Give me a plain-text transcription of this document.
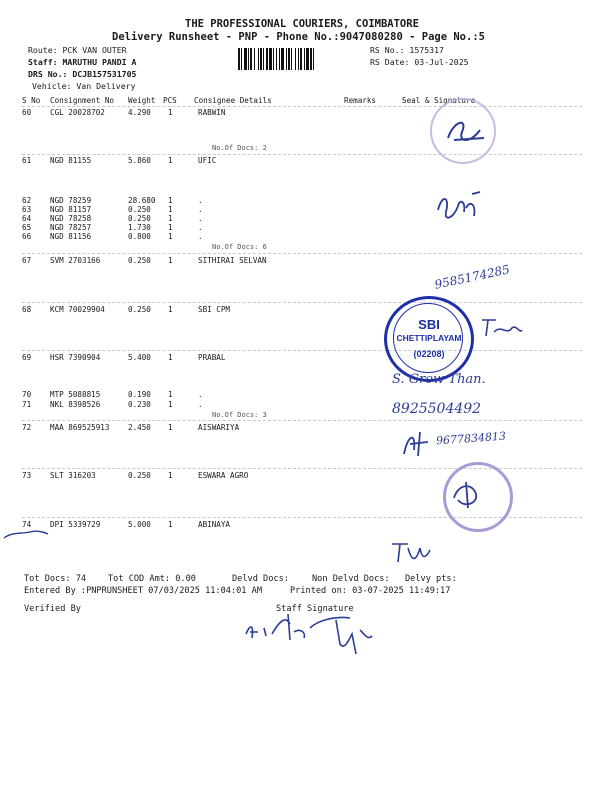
THE PROFESSIONAL COURIERS, COIMBATORE
Delivery Runsheet - PNP - Phone No.:9047080280 - Page No.:5
Route: PCK VAN OUTER
Staff: MARUTHU PANDI A
DRS No.: DCJB157531705
Vehicle: Van Delivery
RS No.: 1575317
RS Date: 03-Jul-2025
S No Consignment No Weight PCS Consignee Details	Remarks	Seal & Signature
60 CGL 20028702	4.290 1	RABWIN
61 NGD 81155	5.860 1	UFIC
62 NGD 78259	28.680 1	.
63 NGD 81157	0.250 1	.
64 NGD 78258	0.250 1	.
65 NGD 78257	1.730 1	.
66 NGD 81156	0.800 1	.
67 SVM 2703166	0.250 1	SITHIRAI SELVAN
68 KCM 70029904	0.250 1	SBI CPM
69 HSR 7390904	5.400 1	PRABAL
70 MTP 5088815	0.190 1	.
71 NKL 8398526	0.230 1	.
72 MAA 869525913 2.450 1	AISWARIYA
73 SLT 316203	0.250 1	ESWARA AGRO
74 DPI 5339729	5.000 1	ABINAYA
No.Of Docs: 2
No.Of Docs: 6
No.Of Docs: 3
SBI
CHETTIPLAYAM
(02208)
9585174285
S. Grow Than.
8925504492
9677834813
Tot Docs: 74	Tot COD Amt: 0.00	Delvd Docs:	Non Delvd Docs: Delvy pts:
Entered By :PNPRUNSHEET 07/03/2025 11:04:01 AM	Printed on: 03-07-2025 11:49:17
Verified By	Staff Signature
